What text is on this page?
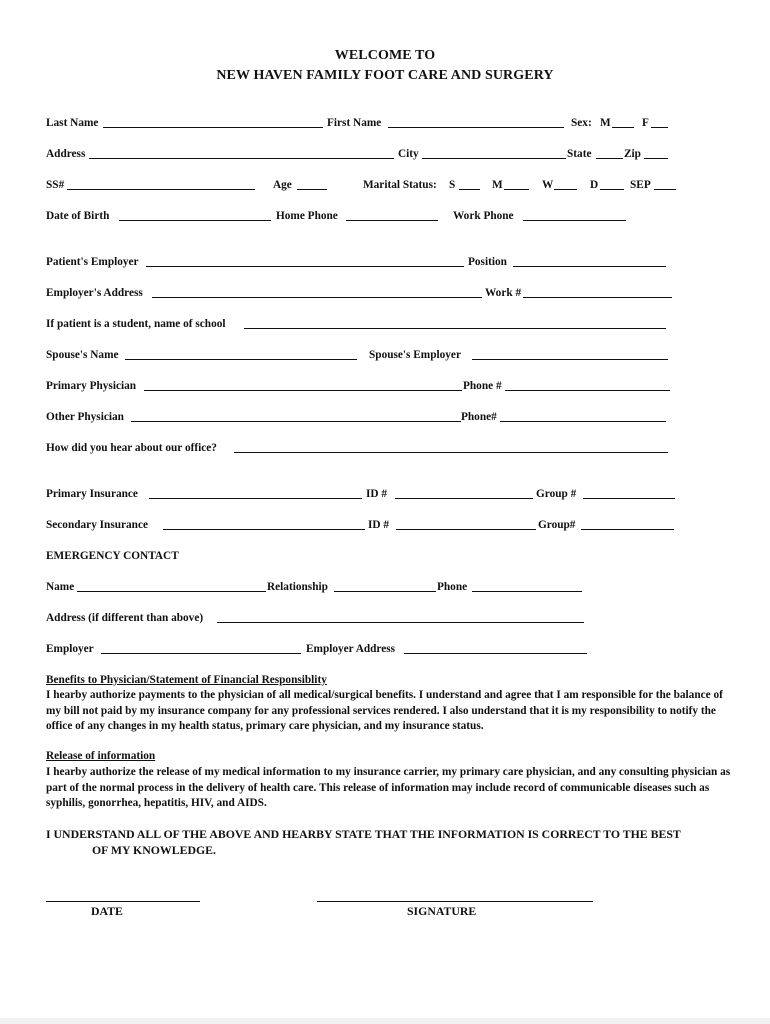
WELCOME TO
NEW HAVEN FAMILY FOOT CARE AND SURGERY
Last Name	First Name	Sex: M	F
Address	City	State	Zip
SS#	Age	Marital Status: S	M	W	D	SEP
Date of Birth	Home Phone	Work Phone
Patient's Employer	Position
Employer's Address	Work #
If patient is a student, name of school
Spouse's Name	Spouse's Employer
Primary Physician	Phone #
Other Physician	Phone#
How did you hear about our office?
Primary Insurance	ID #	Group #
Secondary Insurance	ID #	Group#
EMERGENCY CONTACT
Name	Relationship	Phone
Address (if different than above)
Employer	Employer Address
Benefits to Physician/Statement of Financial Responsiblity
I hearby authorize payments to the physician of all medical/surgical benefits. I understand and agree that I am responsible for the balance of my bill not paid by my insurance company for any professional services rendered. I also understand that it is my responsibility to notify the office of any changes in my health status, primary care physician, and my insurance status.
Release of information
I hearby authorize the release of my medical information to my insurance carrier, my primary care physician, and any consulting physician as part of the normal process in the delivery of health care. This release of information may include record of communicable diseases such as syphilis, gonorrhea, hepatitis, HIV, and AIDS.
I UNDERSTAND ALL OF THE ABOVE AND HEARBY STATE THAT THE INFORMATION IS CORRECT TO THE BEST
OF MY KNOWLEDGE.
DATE	SIGNATURE
